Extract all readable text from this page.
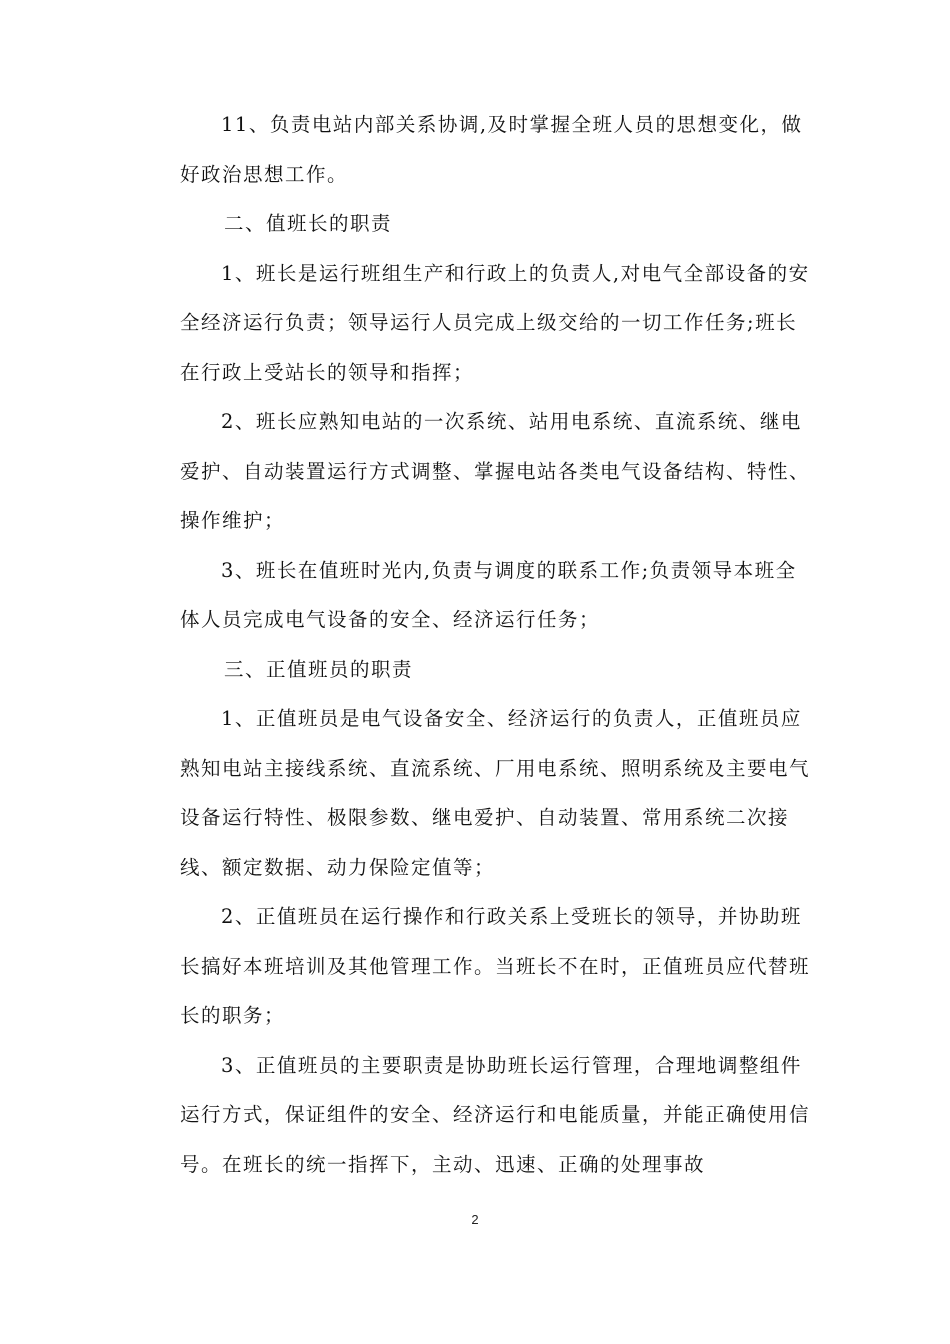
11、负责电站内部关系协调,及时掌握全班人员的思想变化，做好政治思想工作。

二、值班长的职责

1、班长是运行班组生产和行政上的负责人,对电气全部设备的安全经济运行负责；领导运行人员完成上级交给的一切工作任务;班长在行政上受站长的领导和指挥；

2、班长应熟知电站的一次系统、站用电系统、直流系统、继电爱护、自动装置运行方式调整、掌握电站各类电气设备结构、特性、操作维护；

3、班长在值班时光内,负责与调度的联系工作;负责领导本班全体人员完成电气设备的安全、经济运行任务；

三、正值班员的职责

1、正值班员是电气设备安全、经济运行的负责人，正值班员应熟知电站主接线系统、直流系统、厂用电系统、照明系统及主要电气设备运行特性、极限参数、继电爱护、自动装置、常用系统二次接线、额定数据、动力保险定值等；

2、正值班员在运行操作和行政关系上受班长的领导，并协助班长搞好本班培训及其他管理工作。当班长不在时，正值班员应代替班长的职务；

3、正值班员的主要职责是协助班长运行管理，合理地调整组件运行方式，保证组件的安全、经济运行和电能质量，并能正确使用信号。在班长的统一指挥下，主动、迅速、正确的处理事故

2
